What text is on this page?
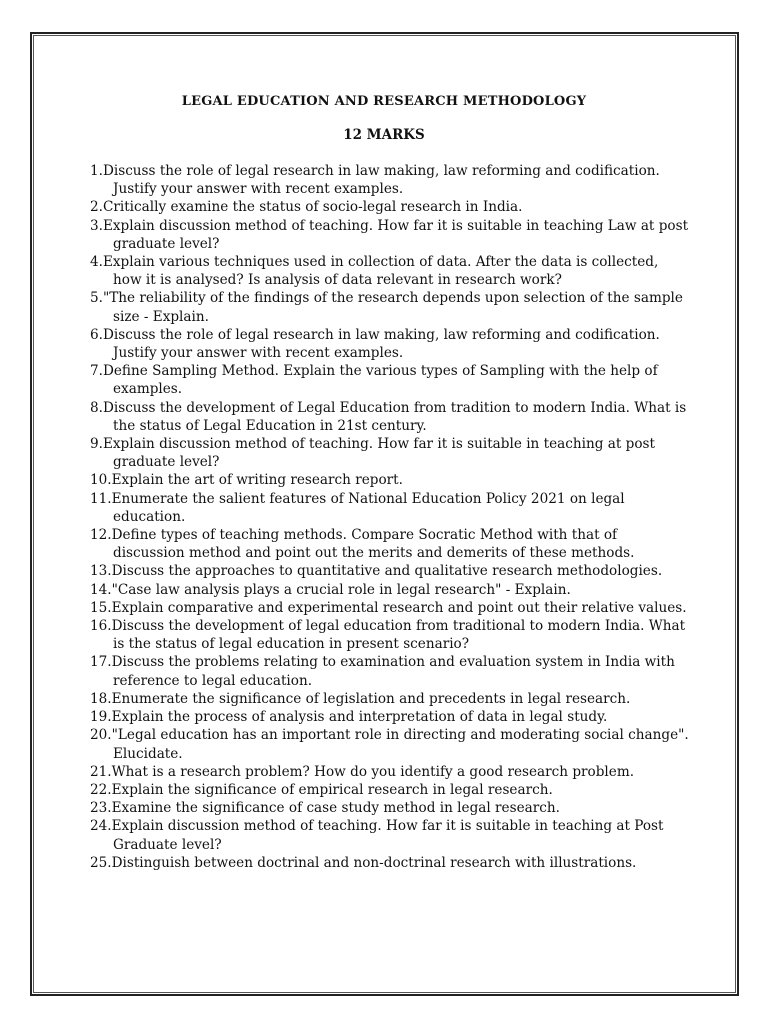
LEGAL EDUCATION AND RESEARCH METHODOLOGY
12 MARKS
1.Discuss the role of legal research in law making, law reforming and codification. Justify your answer with recent examples.
2.Critically examine the status of socio-legal research in India.
3.Explain discussion method of teaching. How far it is suitable in teaching Law at post graduate level?
4.Explain various techniques used in collection of data. After the data is collected, how it is analysed? Is analysis of data relevant in research work?
5."The reliability of the findings of the research depends upon selection of the sample size - Explain.
6.Discuss the role of legal research in law making, law reforming and codification. Justify your answer with recent examples.
7.Define Sampling Method. Explain the various types of Sampling with the help of examples.
8.Discuss the development of Legal Education from tradition to modern India. What is the status of Legal Education in 21st century.
9.Explain discussion method of teaching. How far it is suitable in teaching at post graduate level?
10.Explain the art of writing research report.
11.Enumerate the salient features of National Education Policy 2021 on legal education.
12.Define types of teaching methods. Compare Socratic Method with that of discussion method and point out the merits and demerits of these methods.
13.Discuss the approaches to quantitative and qualitative research methodologies.
14."Case law analysis plays a crucial role in legal research" - Explain.
15.Explain comparative and experimental research and point out their relative values.
16.Discuss the development of legal education from traditional to modern India. What is the status of legal education in present scenario?
17.Discuss the problems relating to examination and evaluation system in India with reference to legal education.
18.Enumerate the significance of legislation and precedents in legal research.
19.Explain the process of analysis and interpretation of data in legal study.
20."Legal education has an important role in directing and moderating social change". Elucidate.
21.What is a research problem? How do you identify a good research problem.
22.Explain the significance of empirical research in legal research.
23.Examine the significance of case study method in legal research.
24.Explain discussion method of teaching. How far it is suitable in teaching at Post Graduate level?
25.Distinguish between doctrinal and non-doctrinal research with illustrations.
